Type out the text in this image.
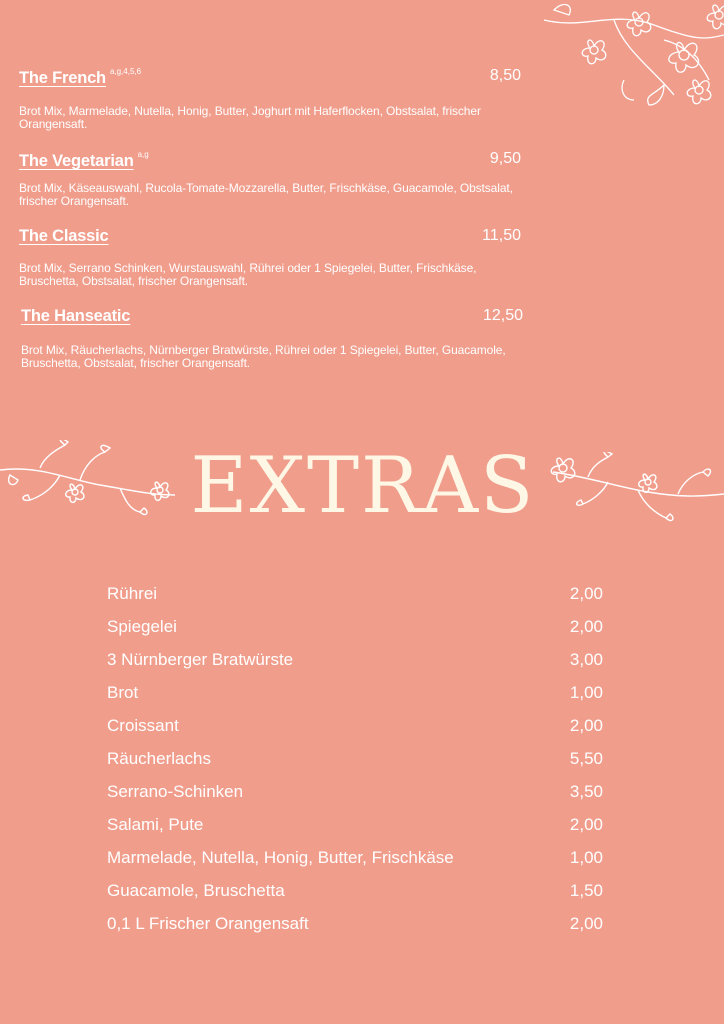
The French $^{a,g,4,5,6}$	8,50
Brot Mix, Marmelade, Nutella, Honig, Butter, Joghurt mit Haferflocken, Obstsalat, frischer Orangensaft.
The Vegetarian $^{a,g}$	9,50
Brot Mix, Käseauswahl, Rucola-Tomate-Mozzarella, Butter, Frischkäse, Guacamole, Obstsalat, frischer Orangensaft.
The Classic	11,50
Brot Mix, Serrano Schinken, Wurstauswahl, Rührei oder 1 Spiegelei, Butter, Frischkäse, Bruschetta, Obstsalat, frischer Orangensaft.
The Hanseatic	12,50
Brot Mix, Räucherlachs, Nürnberger Bratwürste, Rührei oder 1 Spiegelei, Butter, Guacamole, Bruschetta, Obstsalat, frischer Orangensaft.
EXTRAS
Rührei	2,00
Spiegelei	2,00
3 Nürnberger Bratwürste	3,00
Brot	1,00
Croissant	2,00
Räucherlachs	5,50
Serrano-Schinken	3,50
Salami, Pute	2,00
Marmelade, Nutella, Honig, Butter, Frischkäse	1,00
Guacamole, Bruschetta	1,50
0,1 L Frischer Orangensaft	2,00
